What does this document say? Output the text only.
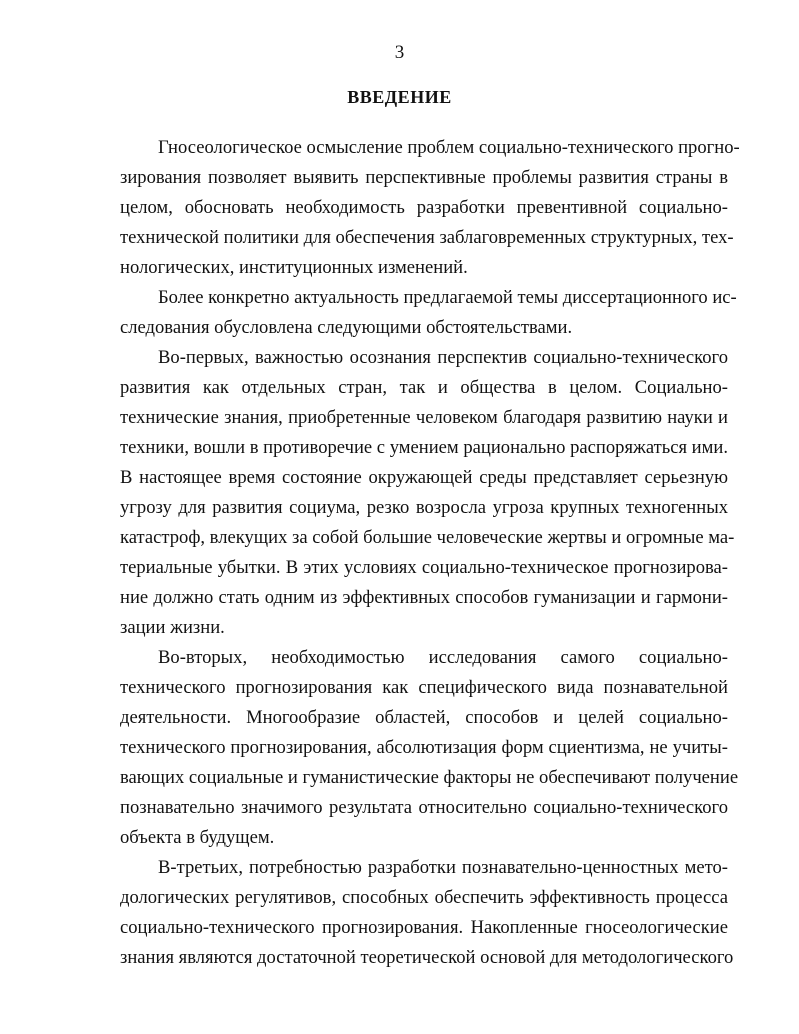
3
ВВЕДЕНИЕ
Гносеологическое осмысление проблем социально-технического прогно-
зирования позволяет выявить перспективные проблемы развития страны в
целом, обосновать необходимость разработки превентивной социально-
технической политики для обеспечения заблаговременных структурных, тех-
нологических, институционных изменений.
Более конкретно актуальность предлагаемой темы диссертационного ис-
следования обусловлена следующими обстоятельствами.
Во-первых, важностью осознания перспектив социально-технического
развития как отдельных стран, так и общества в целом. Социально-
технические знания, приобретенные человеком благодаря развитию науки и
техники, вошли в противоречие с умением рационально распоряжаться ими.
В настоящее время состояние окружающей среды представляет серьезную
угрозу для развития социума, резко возросла угроза крупных техногенных
катастроф, влекущих за собой большие человеческие жертвы и огромные ма-
териальные убытки. В этих условиях социально-техническое прогнозирова-
ние должно стать одним из эффективных способов гуманизации и гармони-
зации жизни.
Во-вторых, необходимостью исследования самого социально-
технического прогнозирования как специфического вида познавательной
деятельности. Многообразие областей, способов и целей социально-
технического прогнозирования, абсолютизация форм сциентизма, не учиты-
вающих социальные и гуманистические факторы не обеспечивают получение
познавательно значимого результата относительно социально-технического
объекта в будущем.
В-третьих, потребностью разработки познавательно-ценностных мето-
дологических регулятивов, способных обеспечить эффективность процесса
социально-технического прогнозирования. Накопленные гносеологические
знания являются достаточной теоретической основой для методологического
